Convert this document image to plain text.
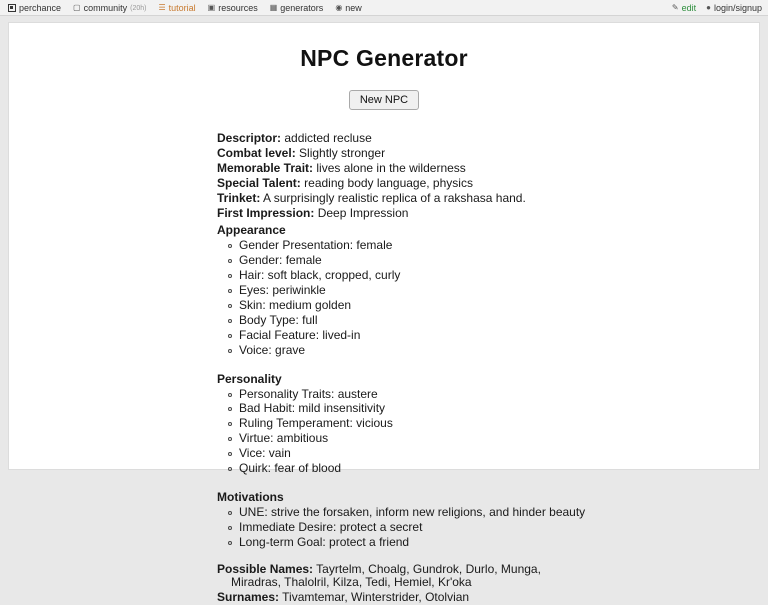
perchance ▢ community (20h) ☰ tutorial ▣ resources ▦ generators ◉ new	✎ edit ● login/signup
NPC Generator
New NPC
Descriptor: addicted recluse
Combat level: Slightly stronger
Memorable Trait: lives alone in the wilderness
Special Talent: reading body language, physics
Trinket: A surprisingly realistic replica of a rakshasa hand.
First Impression: Deep Impression
Appearance
Gender Presentation: female
Gender: female
Hair: soft black, cropped, curly
Eyes: periwinkle
Skin: medium golden
Body Type: full
Facial Feature: lived-in
Voice: grave
Personality
Personality Traits: austere
Bad Habit: mild insensitivity
Ruling Temperament: vicious
Virtue: ambitious
Vice: vain
Quirk: fear of blood
Motivations
UNE: strive the forsaken, inform new religions, and hinder beauty
Immediate Desire: protect a secret
Long-term Goal: protect a friend
Possible Names: Tayrtelm, Choalg, Gundrok, Durlo, Munga,
Miradras, Thalolril, Kilza, Tedi, Hemiel, Kr'oka
Surnames: Tivamtemar, Winterstrider, Otolvian
